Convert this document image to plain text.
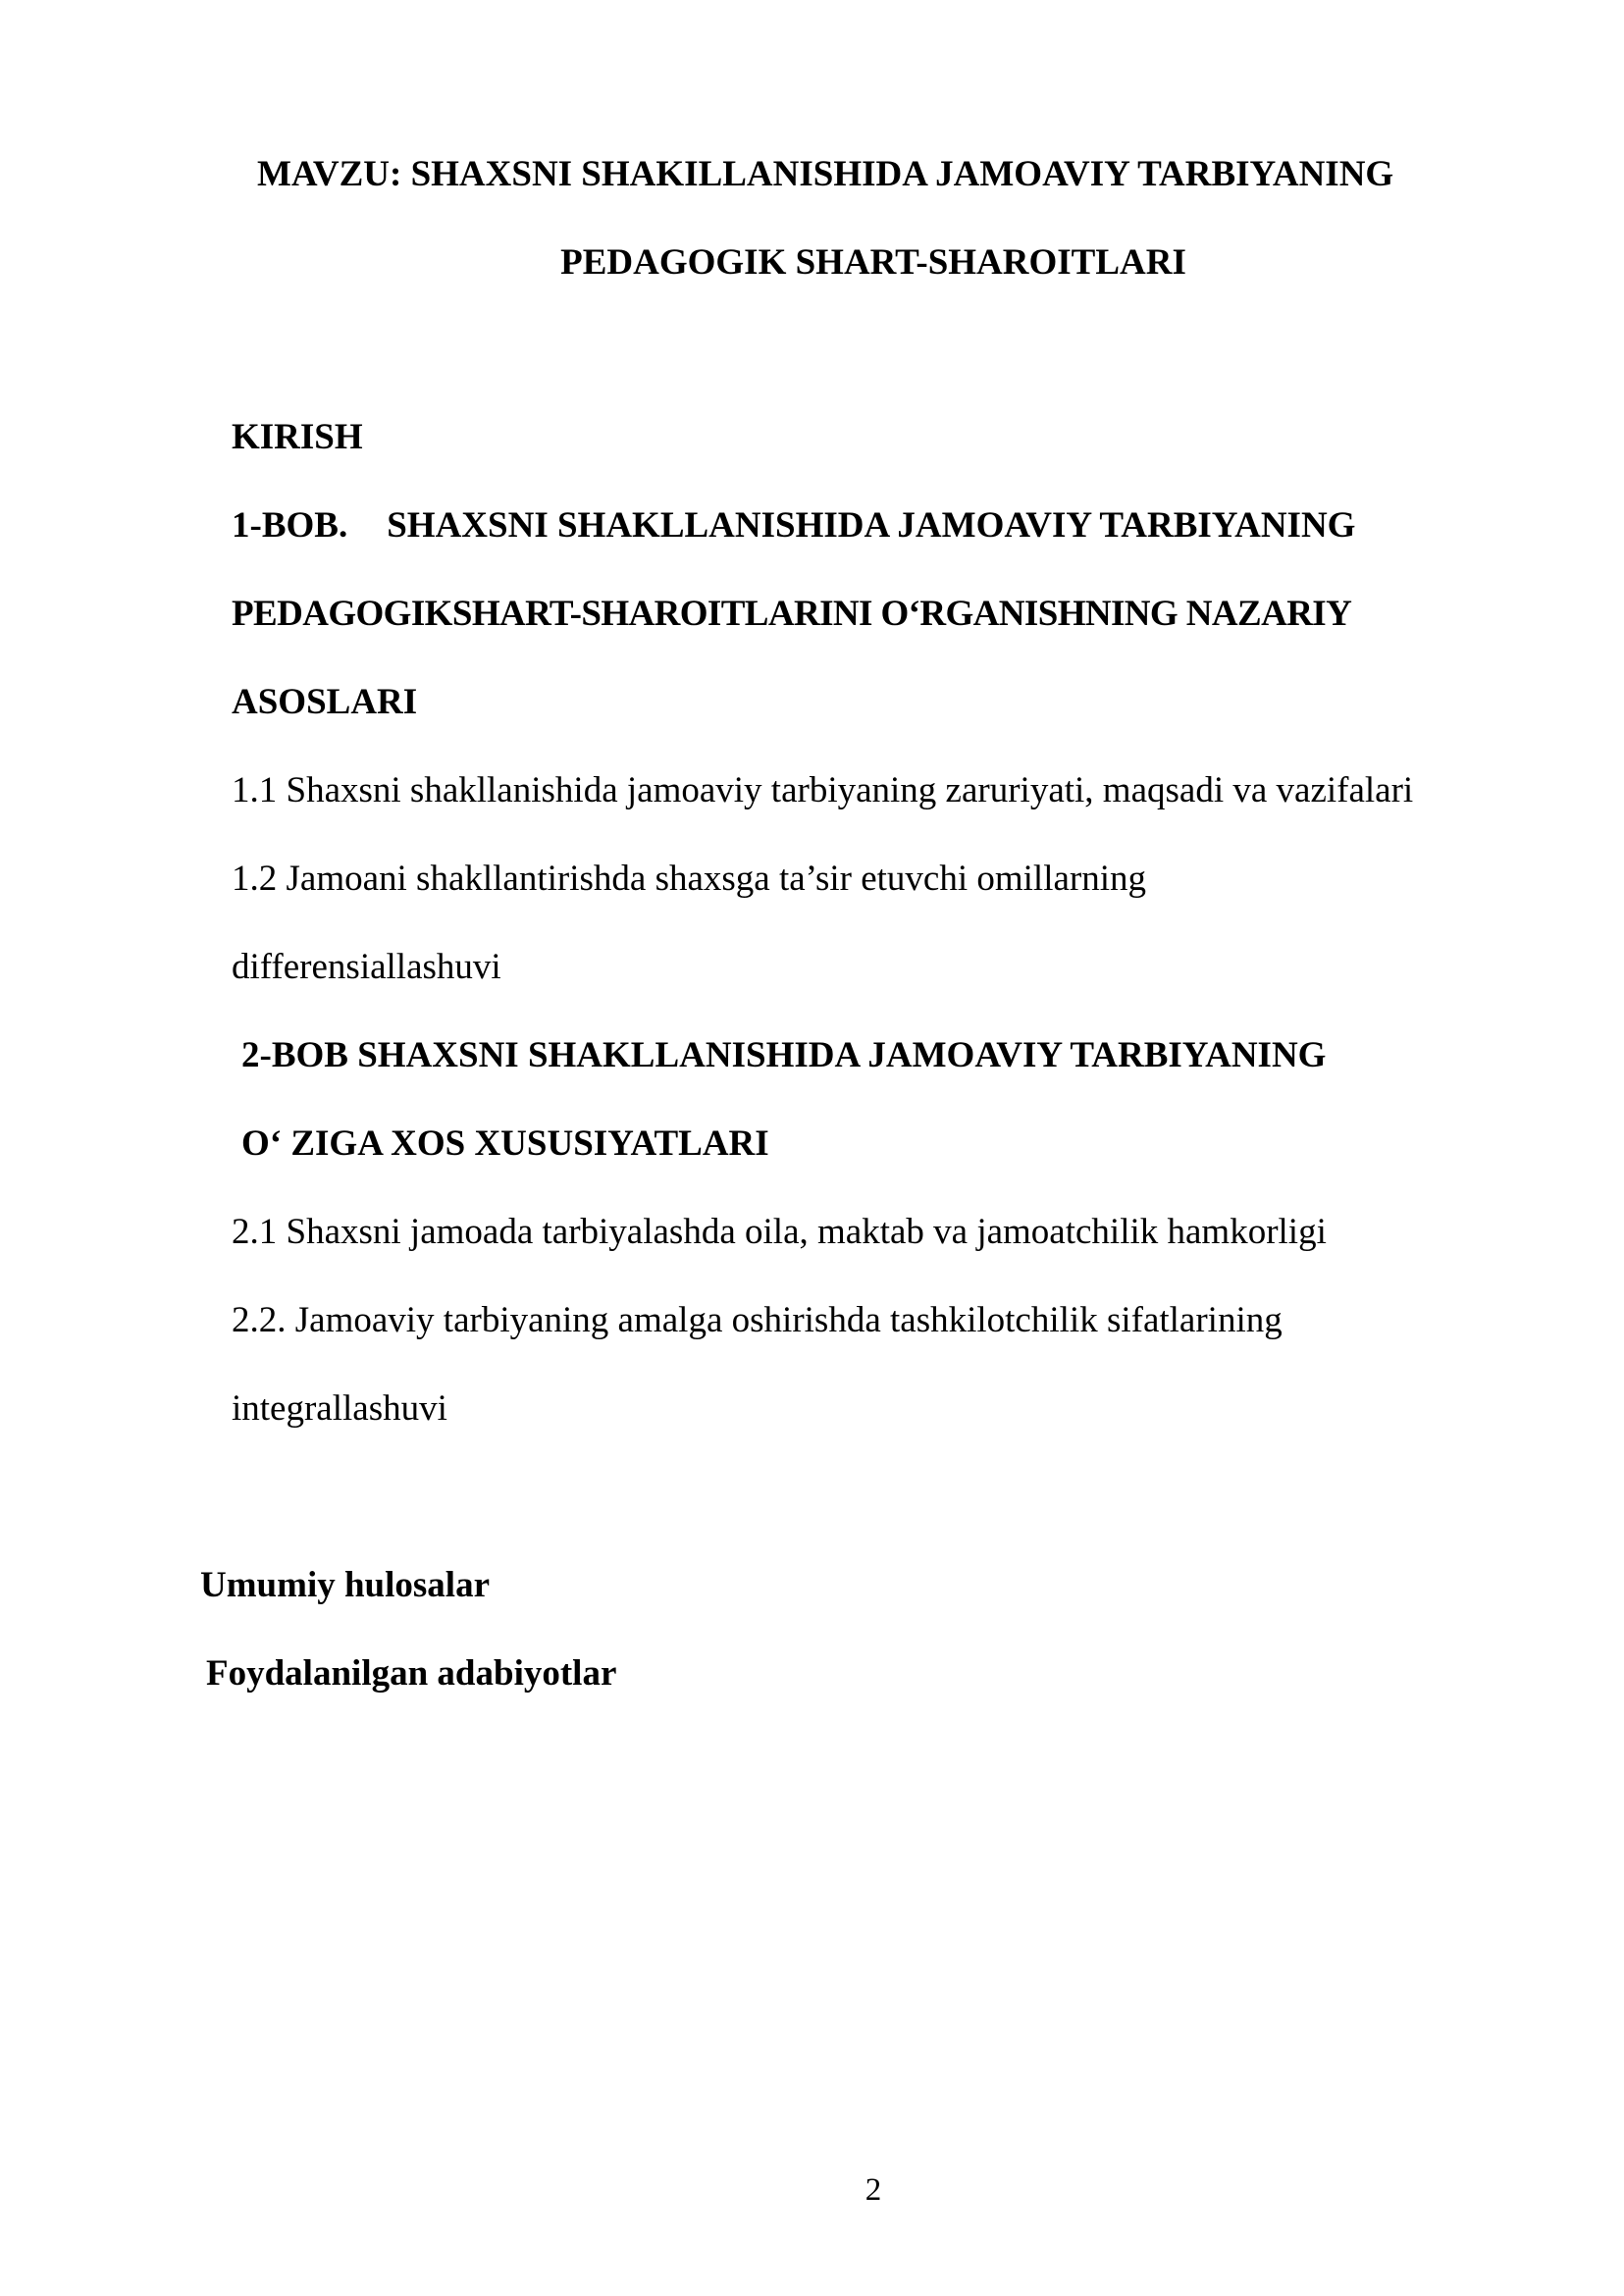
MAVZU: SHAXSNI SHAKILLANISHIDA JAMOAVIY TARBIYANING
PEDAGOGIK SHART-SHAROITLARI
KIRISH
1-BOB. SHAXSNI SHAKLLANISHIDA JAMOAVIY TARBIYANING
PEDAGOGIKSHART-SHAROITLARINI O‘RGANISHNING NAZARIY
ASOSLARI
1.1 Shaxsni shakllanishida jamoaviy tarbiyaning zaruriyati, maqsadi va vazifalari
1.2 Jamoani shakllantirishda shaxsga ta’sir etuvchi omillarning
differensiallashuvi
2-BOB SHAXSNI SHAKLLANISHIDA JAMOAVIY TARBIYANING
O‘ ZIGA XOS XUSUSIYATLARI
2.1 Shaxsni jamoada tarbiyalashda oila, maktab va jamoatchilik hamkorligi
2.2. Jamoaviy tarbiyaning amalga oshirishda tashkilotchilik sifatlarining
integrallashuvi
Umumiy hulosalar
Foydalanilgan adabiyotlar
2
